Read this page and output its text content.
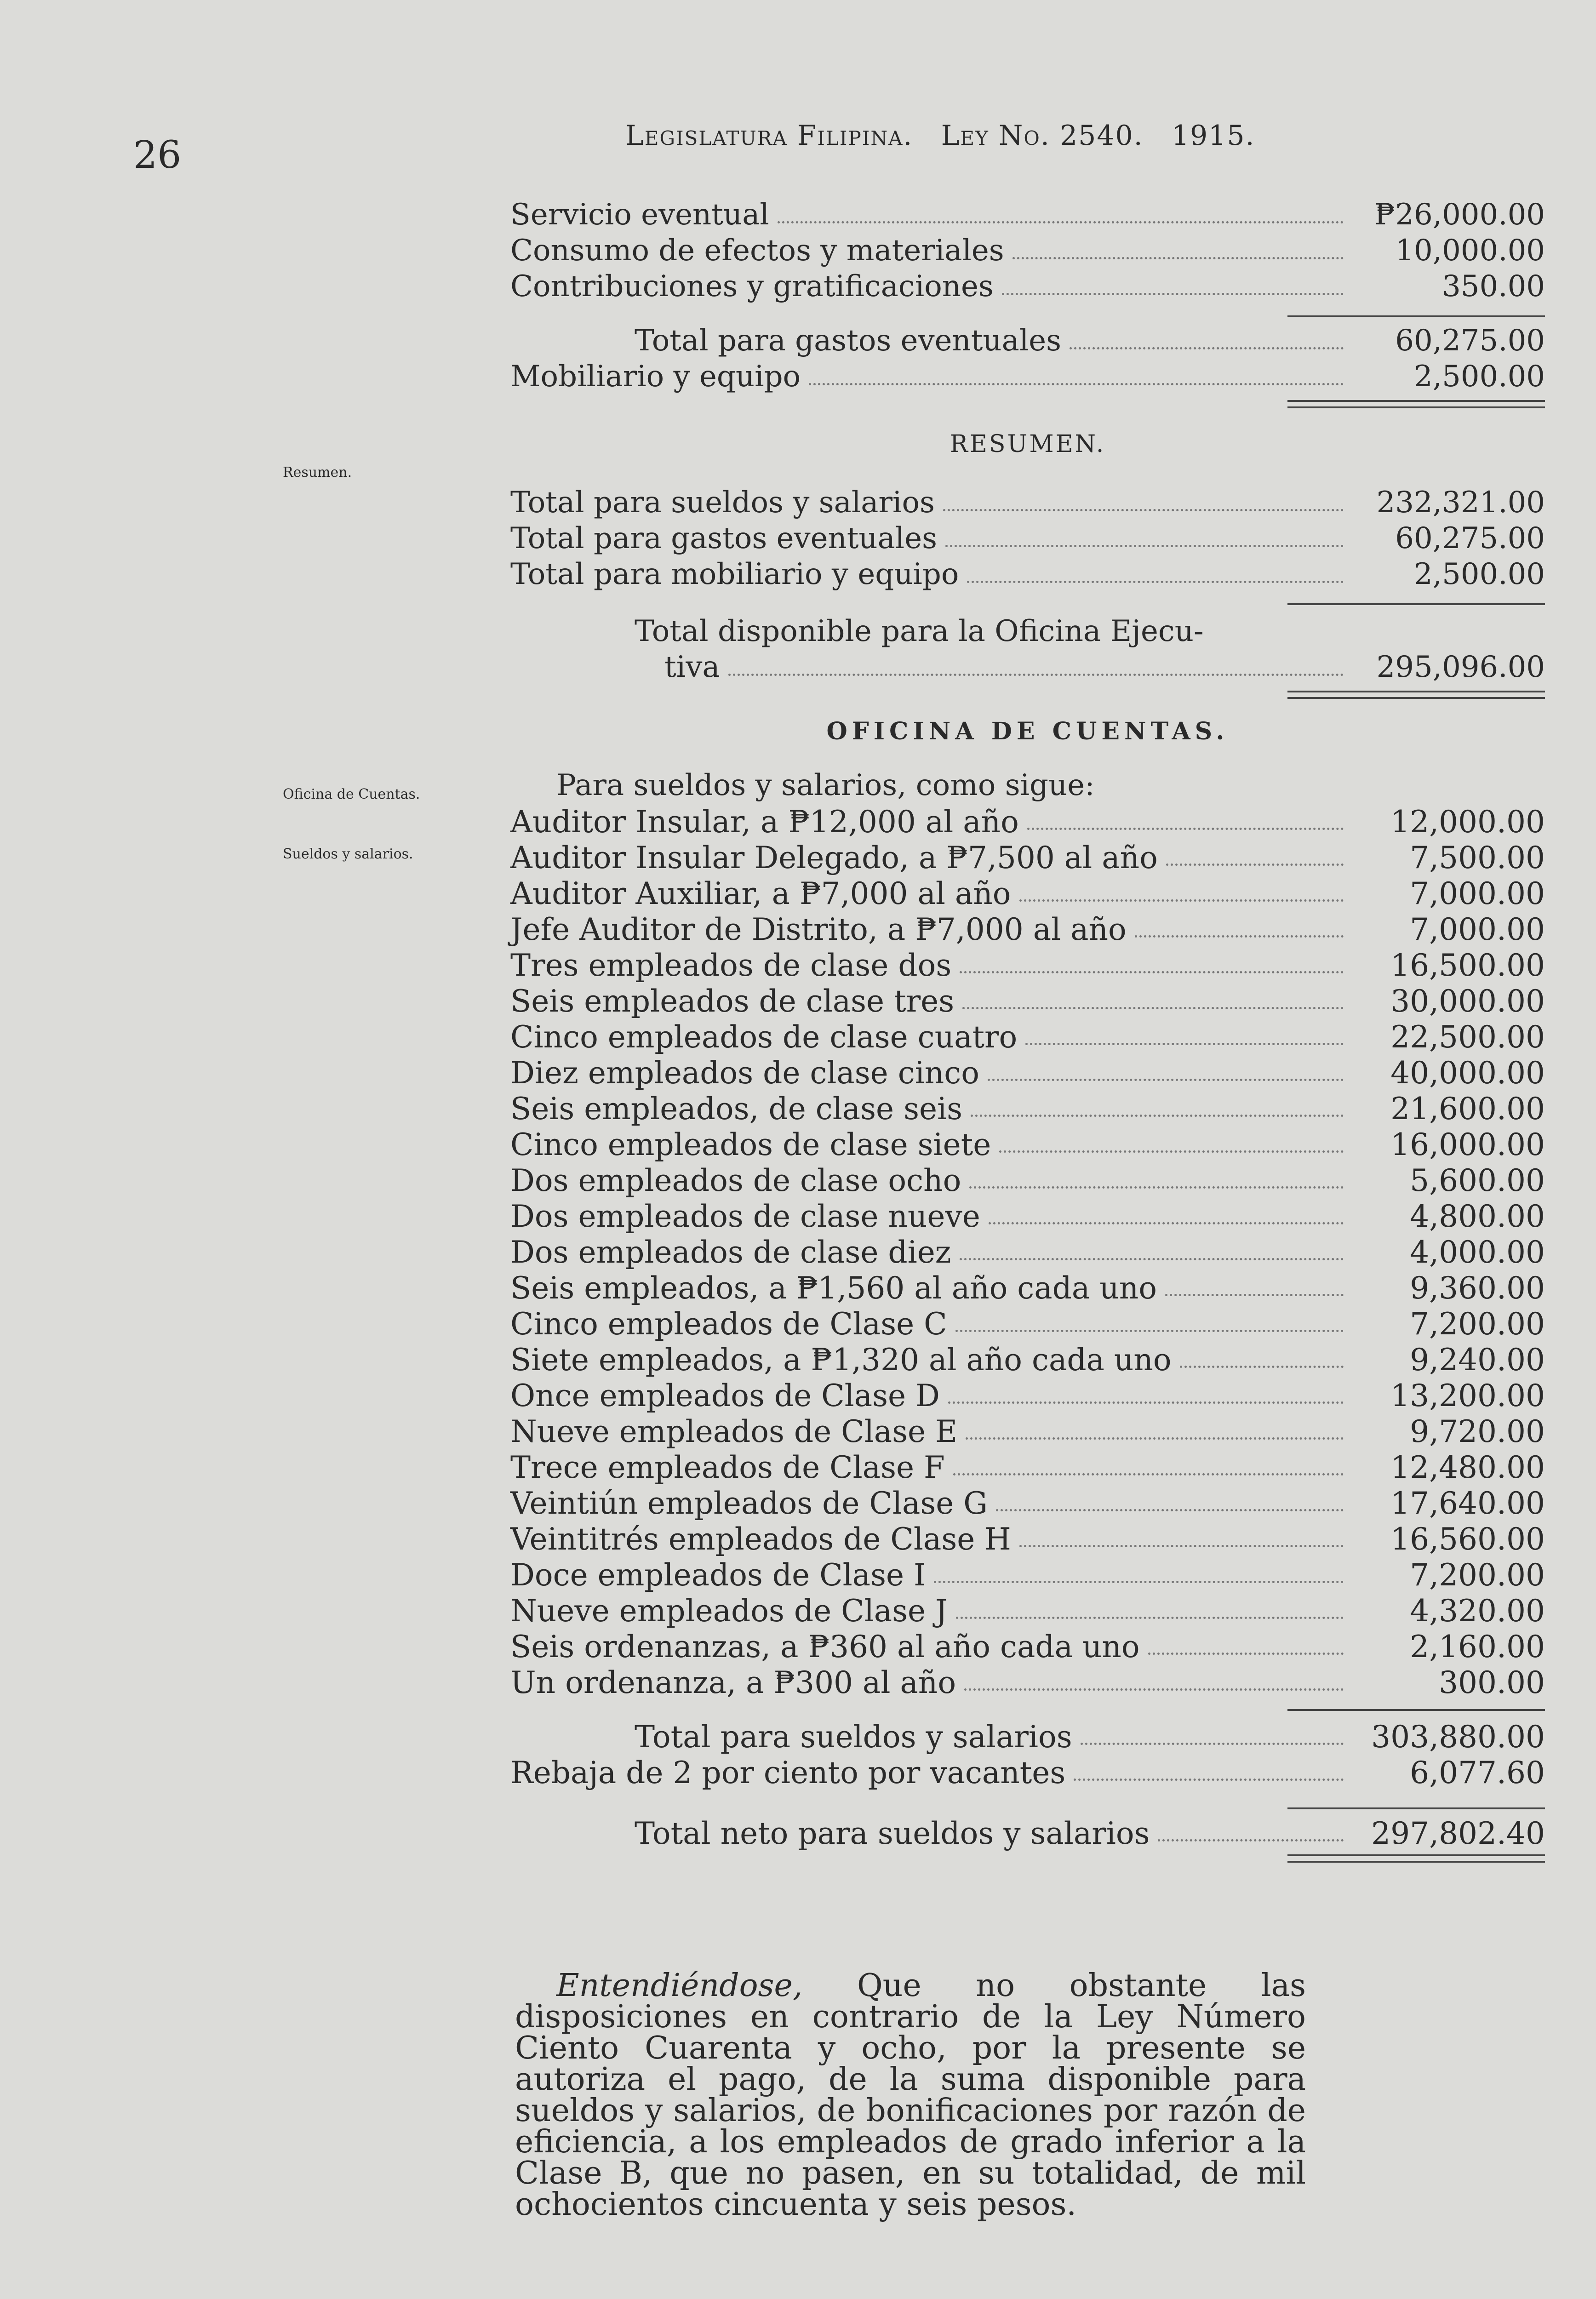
26	Legislatura Filipina. Ley No. 2540. 1915.
Resumen.
Oficina de Cuentas.
Sueldos y salarios.
Servicio eventual	₱26,000.00
Consumo de efectos y materiales	10,000.00
Contribuciones y gratificaciones	350.00
Total para gastos eventuales	60,275.00
Mobiliario y equipo	2,500.00
RESUMEN.
Total para sueldos y salarios	232,321.00
Total para gastos eventuales	60,275.00
Total para mobiliario y equipo	2,500.00
Total disponible para la Oficina Ejecu-
tiva	295,096.00
OFICINA DE CUENTAS.
Para sueldos y salarios, como sigue:
Auditor Insular, a ₱12,000 al año	12,000.00
Auditor Insular Delegado, a ₱7,500 al año	7,500.00
Auditor Auxiliar, a ₱7,000 al año	7,000.00
Jefe Auditor de Distrito, a ₱7,000 al año	7,000.00
Tres empleados de clase dos	16,500.00
Seis empleados de clase tres	30,000.00
Cinco empleados de clase cuatro	22,500.00
Diez empleados de clase cinco	40,000.00
Seis empleados, de clase seis	21,600.00
Cinco empleados de clase siete	16,000.00
Dos empleados de clase ocho	5,600.00
Dos empleados de clase nueve	4,800.00
Dos empleados de clase diez	4,000.00
Seis empleados, a ₱1,560 al año cada uno	9,360.00
Cinco empleados de Clase C	7,200.00
Siete empleados, a ₱1,320 al año cada uno	9,240.00
Once empleados de Clase D	13,200.00
Nueve empleados de Clase E	9,720.00
Trece empleados de Clase F	12,480.00
Veintiún empleados de Clase G	17,640.00
Veintitrés empleados de Clase H	16,560.00
Doce empleados de Clase I	7,200.00
Nueve empleados de Clase J	4,320.00
Seis ordenanzas, a ₱360 al año cada uno	2,160.00
Un ordenanza, a ₱300 al año	300.00
Total para sueldos y salarios	303,880.00
Rebaja de 2 por ciento por vacantes	6,077.60
Total neto para sueldos y salarios	297,802.40
Entendiéndose, Que no obstante las disposiciones en contrario de la Ley Número Ciento Cuarenta y ocho, por la presente se autoriza el pago, de la suma disponible para sueldos y salarios, de bonificaciones por razón de eficiencia, a los empleados de grado inferior a la Clase B, que no pasen, en su totalidad, de mil ochocientos cincuenta y seis pesos.
